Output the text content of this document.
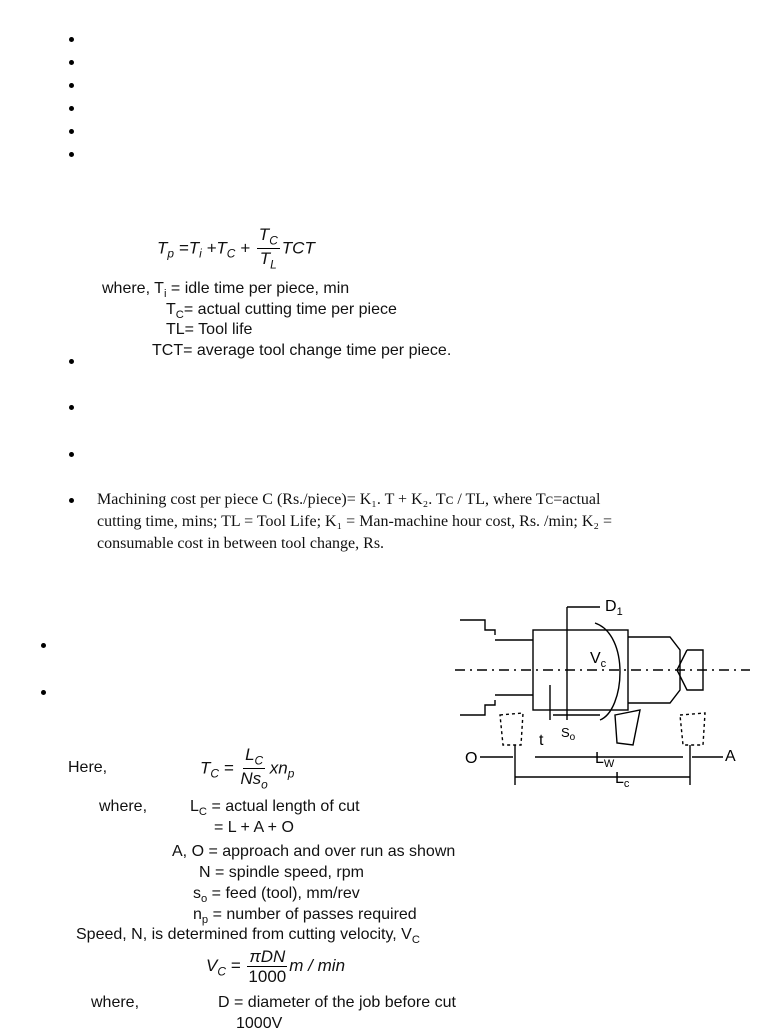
$T_p =T_i +T_C + \frac{T_C}{T_L}$ TCT
where, $T_i$ = idle time per piece, min
$T_C=$ actual cutting time per piece
TL= Tool life
TCT= average tool change time per piece.
Machining cost per piece C (Rs./piece)= K₁. T + K₂. Tᴄ / TL, where Tᴄ=actual
cutting time, mins; TL = Tool Life; K₁ = Man-machine hour cost, Rs. /min; K₂ =
consumable cost in between tool change, Rs.
$D_1$
$V_c$
t $S_o$
$L_W$
$L_c$
O	A
Here,	$T_C = \frac{L_C}{Ns_o} xn_p$
where,	$L_C$ = actual length of cut
= L + A + O
A, O = approach and over run as shown
N = spindle speed, rpm
$s_o$ = feed (tool), mm/rev
$n_p$ = number of passes required
Speed, N, is determined from cutting velocity, $V_C$
$V_C = \frac{\text{πDN}}{1000}$ m / min
where,	D = diameter of the job before cut
1000V
